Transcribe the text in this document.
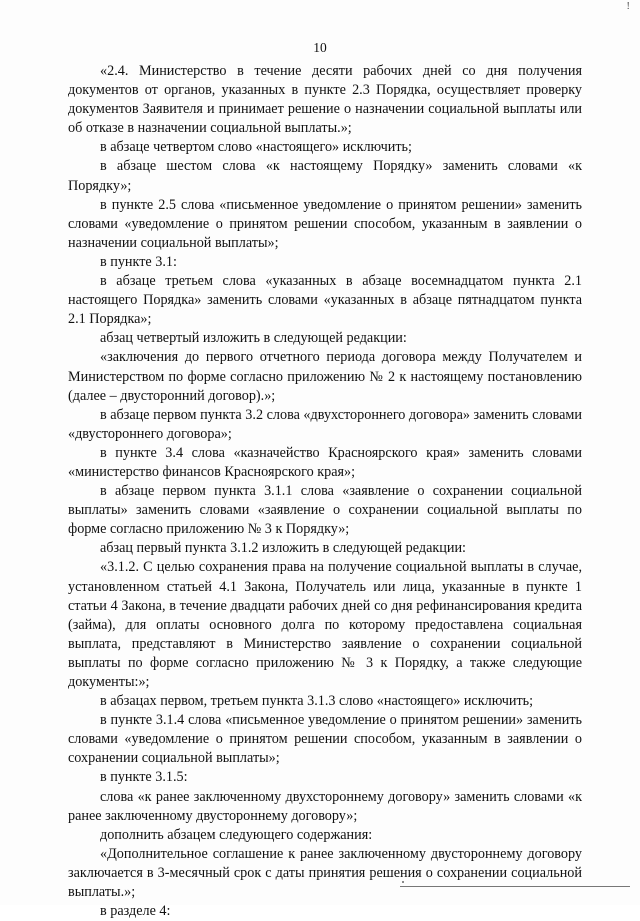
!
10

«2.4. Министерство в течение десяти рабочих дней со дня получения документов от органов, указанных в пункте 2.3 Порядка, осуществляет проверку документов Заявителя и принимает решение о назначении социальной выплаты или об отказе в назначении социальной выплаты.»;

в абзаце четвертом слово «настоящего» исключить;

в абзаце шестом слова «к настоящему Порядку» заменить словами «к Порядку»;

в пункте 2.5 слова «письменное уведомление о принятом решении» заменить словами «уведомление о принятом решении способом, указанным в заявлении о назначении социальной выплаты»;

в пункте 3.1:

в абзаце третьем слова «указанных в абзаце восемнадцатом пункта 2.1 настоящего Порядка» заменить словами «указанных в абзаце пятнадцатом пункта 2.1 Порядка»;

абзац четвертый изложить в следующей редакции:

«заключения до первого отчетного периода договора между Получателем и Министерством по форме согласно приложению № 2 к настоящему постановлению (далее – двусторонний договор).»;

в абзаце первом пункта 3.2 слова «двухстороннего договора» заменить словами «двустороннего договора»;

в пункте 3.4 слова «казначейство Красноярского края» заменить словами «министерство финансов Красноярского края»;

в абзаце первом пункта 3.1.1 слова «заявление о сохранении социальной выплаты» заменить словами «заявление о сохранении социальной выплаты по форме согласно приложению № 3 к Порядку»;

абзац первый пункта 3.1.2 изложить в следующей редакции:

«3.1.2. С целью сохранения права на получение социальной выплаты в случае, установленном статьей 4.1 Закона, Получатель или лица, указанные в пункте 1 статьи 4 Закона, в течение двадцати рабочих дней со дня рефинансирования кредита (займа), для оплаты основного долга по которому предоставлена социальная выплата, представляют в Министерство заявление о сохранении социальной выплаты по форме согласно приложению № 3 к Порядку, а также следующие документы:»;

в абзацах первом, третьем пункта 3.1.3 слово «настоящего» исключить;

в пункте 3.1.4 слова «письменное уведомление о принятом решении» заменить словами «уведомление о принятом решении способом, указанным в заявлении о сохранении социальной выплаты»;

в пункте 3.1.5:

слова «к ранее заключенному двухстороннему договору» заменить словами «к ранее заключенному двустороннему договору»;

дополнить абзацем следующего содержания:

«Дополнительное соглашение к ранее заключенному двустороннему договору заключается в 3-месячный срок с даты принятия решения о сохранении социальной выплаты.»;

в разделе 4:
